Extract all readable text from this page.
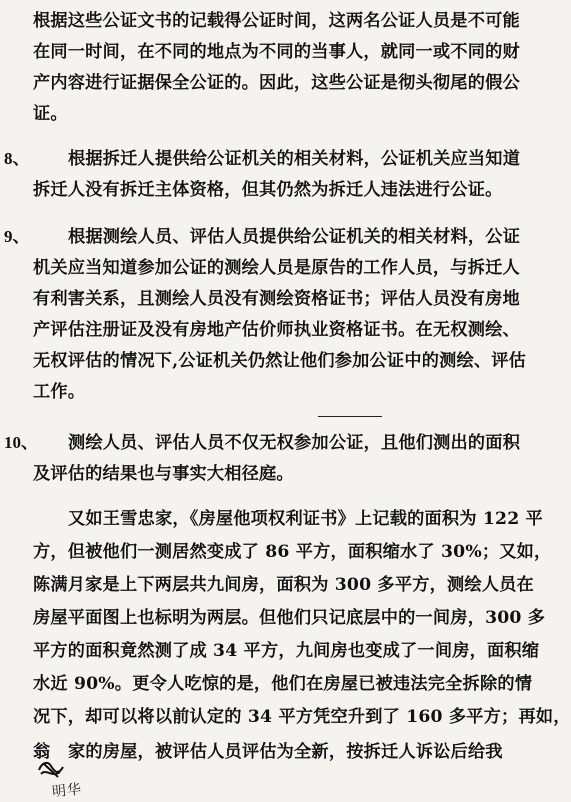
根据这些公证文书的记载得公证时间，这两名公证人员是不可能
在同一时间，在不同的地点为不同的当事人，就同一或不同的财
产内容进行证据保全公证的。因此，这些公证是彻头彻尾的假公
证。
8、 根据拆迁人提供给公证机关的相关材料，公证机关应当知道
拆迁人没有拆迁主体资格，但其仍然为拆迁人违法进行公证。
9、 根据测绘人员、评估人员提供给公证机关的相关材料，公证
机关应当知道参加公证的测绘人员是原告的工作人员，与拆迁人
有利害关系，且测绘人员没有测绘资格证书；评估人员没有房地
产评估注册证及没有房地产估价师执业资格证书。在无权测绘、
无权评估的情况下,公证机关仍然让他们参加公证中的测绘、评估
工作。
10、 测绘人员、评估人员不仅无权参加公证，且他们测出的面积
及评估的结果也与事实大相径庭。
又如王雪忠家，《房屋他项权利证书》上记载的面积为 122 平
方，但被他们一测居然变成了 86 平方，面积缩水了 30%；又如，
陈满月家是上下两层共九间房，面积为 300 多平方，测绘人员在
房屋平面图上也标明为两层。但他们只记底层中的一间房，300 多
平方的面积竟然测了成 34 平方，九间房也变成了一间房，面积缩
水近 90%。更令人吃惊的是，他们在房屋已被违法完全拆除的情
况下，却可以将以前认定的 34 平方凭空升到了 160 多平方；再如，
翁 家的房屋，被评估人员评估为全新，按拆迁人诉讼后给我
明华
